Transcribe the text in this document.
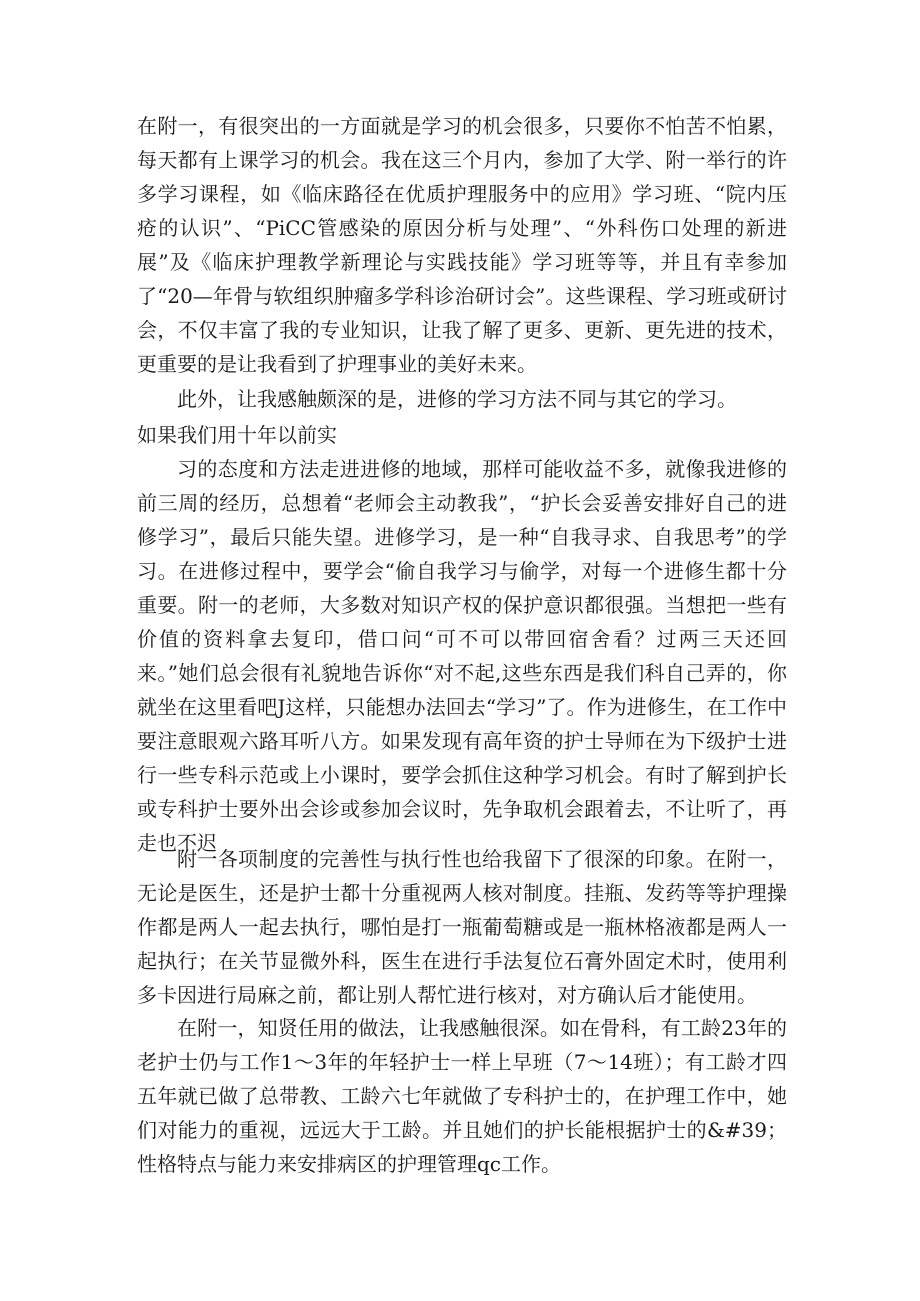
在附一，有很突出的一方面就是学习的机会很多，只要你不怕苦不怕累，每天都有上课学习的机会。我在这三个月内，参加了大学、附一举行的许多学习课程，如《临床路径在优质护理服务中的应用》学习班、“院内压疮的认识”、“PiCC管感染的原因分析与处理”、“外科伤口处理的新进展”及《临床护理教学新理论与实践技能》学习班等等，并且有幸参加了“20—年骨与软组织肿瘤多学科诊治研讨会”。这些课程、学习班或研讨会，不仅丰富了我的专业知识，让我了解了更多、更新、更先进的技术，更重要的是让我看到了护理事业的美好未来。

此外，让我感触颇深的是，进修的学习方法不同与其它的学习。

如果我们用十年以前实

习的态度和方法走进进修的地域，那样可能收益不多，就像我进修的前三周的经历，总想着“老师会主动教我”，“护长会妥善安排好自己的进修学习”，最后只能失望。进修学习，是一种“自我寻求、自我思考”的学习。在进修过程中，要学会“偷自我学习与偷学，对每一个进修生都十分重要。附一的老师，大多数对知识产权的保护意识都很强。当想把一些有价值的资料拿去复印，借口问“可不可以带回宿舍看？过两三天还回来。”她们总会很有礼貌地告诉你“对不起,这些东西是我们科自己弄的，你就坐在这里看吧J这样，只能想办法回去“学习”了。作为进修生，在工作中要注意眼观六路耳听八方。如果发现有高年资的护士导师在为下级护士进行一些专科示范或上小课时，要学会抓住这种学习机会。有时了解到护长或专科护士要外出会诊或参加会议时，先争取机会跟着去，不让听了，再走也不迟

附一各项制度的完善性与执行性也给我留下了很深的印象。在附一，无论是医生，还是护士都十分重视两人核对制度。挂瓶、发药等等护理操作都是两人一起去执行，哪怕是打一瓶葡萄糖或是一瓶林格液都是两人一起执行；在关节显微外科，医生在进行手法复位石膏外固定术时，使用利多卡因进行局麻之前，都让别人帮忙进行核对，对方确认后才能使用。

在附一，知贤任用的做法，让我感触很深。如在骨科，有工龄23年的老护士仍与工作1～3年的年轻护士一样上早班（7～14班）；有工龄才四五年就已做了总带教、工龄六七年就做了专科护士的，在护理工作中，她们对能力的重视，远远大于工龄。并且她们的护长能根据护士的&#39；性格特点与能力来安排病区的护理管理qc工作。
